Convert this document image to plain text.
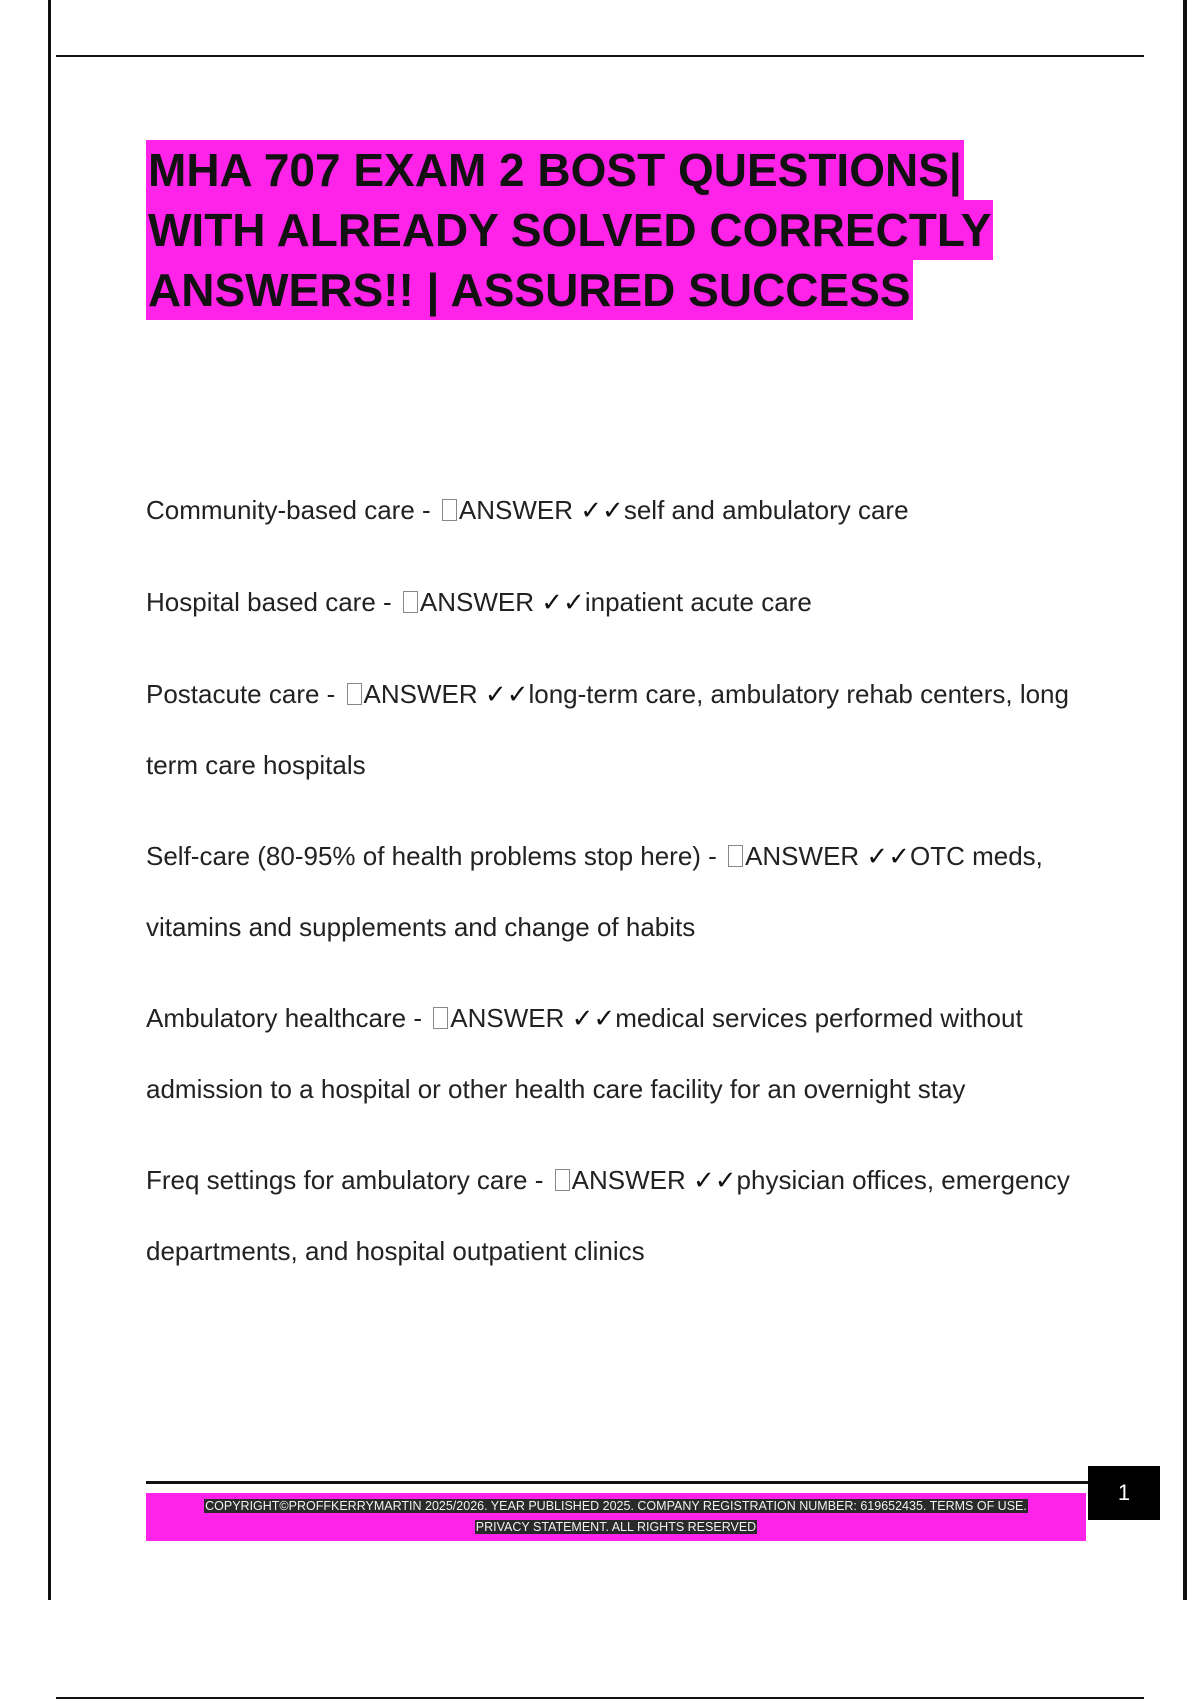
MHA 707 EXAM 2 BOST QUESTIONS|
WITH ALREADY SOLVED CORRECTLY
ANSWERS!! | ASSURED SUCCESS

Community-based care - ANSWER ✓✓self and ambulatory care

Hospital based care - ANSWER ✓✓inpatient acute care

Postacute care - ANSWER ✓✓long-term care, ambulatory rehab centers, long term care hospitals

Self-care (80-95% of health problems stop here) - ANSWER ✓✓OTC meds, vitamins and supplements and change of habits

Ambulatory healthcare - ANSWER ✓✓medical services performed without admission to a hospital or other health care facility for an overnight stay

Freq settings for ambulatory care - ANSWER ✓✓physician offices, emergency departments, and hospital outpatient clinics

COPYRIGHT©PROFFKERRYMARTIN 2025/2026. YEAR PUBLISHED 2025. COMPANY REGISTRATION NUMBER: 619652435. TERMS OF USE.
PRIVACY STATEMENT. ALL RIGHTS RESERVED
1
